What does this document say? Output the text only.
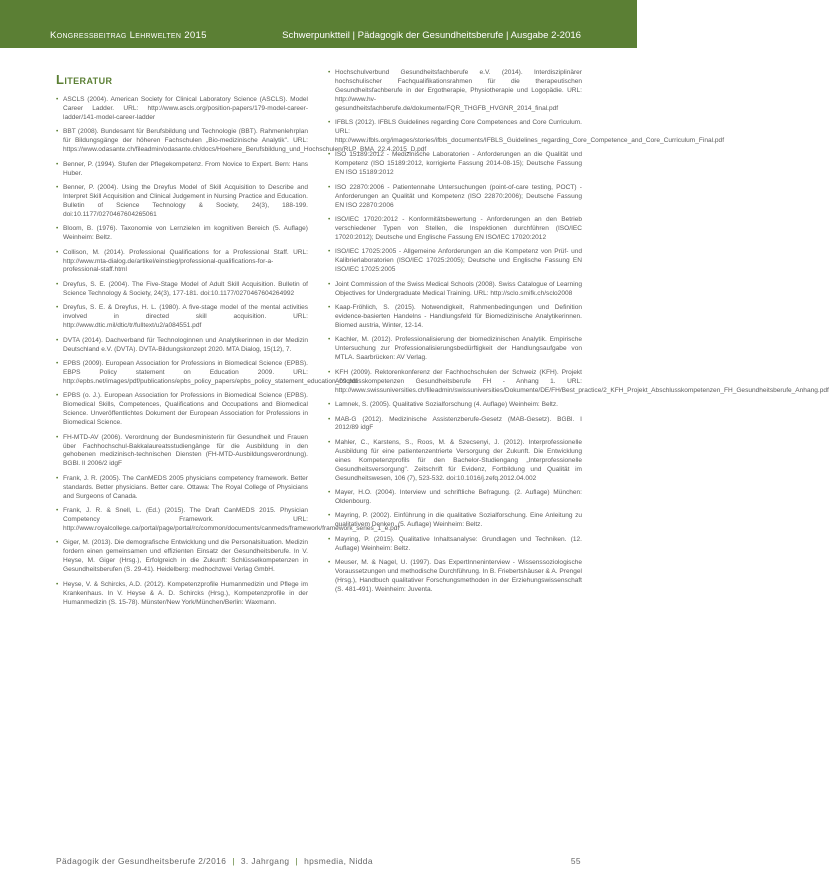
Kongressbeitrag Lehrwelten 2015	Schwerpunktteil | Pädagogik der Gesundheitsberufe | Ausgabe 2-2016
Literatur

• ASCLS (2004). American Society for Clinical Laboratory Science (ASCLS). Model Career Ladder. URL: http://www.ascls.org/position-papers/179-model-career-ladder/141-model-career-ladder

• BBT (2008). Bundesamt für Berufsbildung und Technologie (BBT). Rahmenlehrplan für Bildungsgänge der höheren Fachschulen „Bio-medizinische Analytik". URL: https://www.odasante.ch/fileadmin/odasante.ch/docs/Hoehere_Berufsbildung_und_Hochschulen/RLP_BMA_22.4.2015_D.pdf

• Benner, P. (1994). Stufen der Pflegekompetenz. From Novice to Expert. Bern: Hans Huber.

• Benner, P. (2004). Using the Dreyfus Model of Skill Acquisition to Describe and Interpret Skill Acquisition and Clinical Judgement in Nursing Practice and Education. Bulletin of Science Technology & Society, 24(3), 188-199. doi:10.1177/0270467604265061

• Bloom, B. (1976). Taxonomie von Lernzielen im kognitiven Bereich (5. Auflage) Weinheim: Beltz.

• Collison, M. (2014). Professional Qualifications for a Professional Staff. URL: http://www.mta-dialog.de/artikel/einstieg/professional-qualifications-for-a-professional-staff.html

• Dreyfus, S. E. (2004). The Five-Stage Model of Adult Skill Acquisition. Bulletin of Science Technology & Society, 24(3), 177-181. doi:10.1177/0270467604264992

• Dreyfus, S. E. & Dreyfus, H. L. (1980). A five-stage model of the mental activities involved in directed skill acquisition. URL: http://www.dtic.mil/dtic/tr/fulltext/u2/a084551.pdf

• DVTA (2014). Dachverband für Technologinnen und Analytikerinnen in der Medizin Deutschland e.V. (DVTA). DVTA-Bildungskonzept 2020. MTA Dialog, 15(12), 7.

• EPBS (2009). European Association for Professions in Biomedical Science (EPBS). EBPS Policy statement on Education 2009. URL: http://epbs.net/images/pdf/publications/epbs_policy_papers/epbs_policy_statement_education_09.pdf

• EPBS (o. J.). European Association for Professions in Biomedical Science (EPBS). Biomedical Skills, Competences, Qualifications and Occupations and Biomedical Science. Unveröffentlichtes Dokument der European Association for Professions in Biomedical Science.

• FH-MTD-AV (2006). Verordnung der Bundesministerin für Gesundheit und Frauen über Fachhochschul-Bakkalaureatsstudiengänge für die Ausbildung in den gehobenen medizinisch-technischen Diensten (FH-MTD-Ausbildungsverordnung). BGBl. II 2006/2 idgF

• Frank, J. R. (2005). The CanMEDS 2005 physicians competency framework. Better standards. Better physicians. Better care. Ottawa: The Royal College of Physicians and Surgeons of Canada.

• Frank, J. R. & Snell, L. (Ed.) (2015). The Draft CanMEDS 2015. Physician Competency Framework. URL: http://www.royalcollege.ca/portal/page/portal/rc/common/documents/canmeds/framework/framework_series_1_e.pdf

• Giger, M. (2013). Die demografische Entwicklung und die Personalsituation. Medizin fordern einen gemeinsamen und effizienten Einsatz der Gesundheitsberufe. In V. Heyse, M. Giger (Hrsg.), Erfolgreich in die Zukunft: Schlüsselkompetenzen in Gesundheitsberufen (S. 29-41). Heidelberg: medhochzwei Verlag GmbH.

• Heyse, V. & Schircks, A.D. (2012). Kompetenzprofile Humanmedizin und Pflege im Krankenhaus. In V. Heyse & A. D. Schircks (Hrsg.), Kompetenzprofile in der Humanmedizin (S. 15-78). Münster/New York/München/Berlin: Waxmann.

• Hochschulverbund Gesundheitsfachberufe e.V. (2014). Interdisziplinärer hochschulischer Fachqualifikationsrahmen für die therapeutischen Gesundheitsfachberufe in der Ergotherapie, Physiotherapie und Logopädie. URL: http://www.hv-gesundheitsfachberufe.de/dokumente/FQR_THGFB_HVGNR_2014_final.pdf

• IFBLS (2012). IFBLS Guidelines regarding Core Competences and Core Curriculum. URL: http://www.ifbls.org/images/stories/ifbls_documents/IFBLS_Guidelines_regarding_Core_Competence_and_Core_Curriculum_Final.pdf

• ISO 15189:2012 - Medizinische Laboratorien - Anforderungen an die Qualität und Kompetenz (ISO 15189:2012, korrigierte Fassung 2014-08-15); Deutsche Fassung EN ISO 15189:2012

• ISO 22870:2006 - Patientennahe Untersuchungen (point-of-care testing, POCT) - Anforderungen an Qualität und Kompetenz (ISO 22870:2006); Deutsche Fassung EN ISO 22870:2006

• ISO/IEC 17020:2012 - Konformitätsbewertung - Anforderungen an den Betrieb verschiedener Typen von Stellen, die Inspektionen durchführen (ISO/IEC 17020:2012); Deutsche und Englische Fassung EN ISO/IEC 17020:2012

• ISO/IEC 17025:2005 - Allgemeine Anforderungen an die Kompetenz von Prüf- und Kalibrierlaboratorien (ISO/IEC 17025:2005); Deutsche und Englische Fassung EN ISO/IEC 17025:2005

• Joint Commission of the Swiss Medical Schools (2008). Swiss Catalogue of Learning Objectives for Undergraduate Medical Training. URL: http://sclo.smifk.ch/sclo2008

• Kaap-Fröhlich, S. (2015). Notwendigkeit, Rahmenbedingungen und Definition evidence-basierten Handelns - Handlungsfeld für Biomedizinische Analytikerinnen. Biomed austria, Winter, 12-14.

• Kachler, M. (2012). Professionalisierung der biomedizinischen Analytik. Empirische Untersuchung zur Professionalisierungsbedürftigkeit der Handlungsaufgabe von MTLA. Saarbrücken: AV Verlag.

• KFH (2009). Rektorenkonferenz der Fachhochschulen der Schweiz (KFH). Projekt Abschlusskompetenzen Gesundheitsberufe FH - Anhang 1. URL: http://www.swissuniversities.ch/fileadmin/swissuniversities/Dokumente/DE/FH/Best_practice/2_KFH_Projekt_Abschlusskompetenzen_FH_Gesundheitsberufe_Anhang.pdf

• Lamnek, S. (2005). Qualitative Sozialforschung (4. Auflage) Weinheim: Beltz.

• MAB-G (2012). Medizinische Assistenzberufe-Gesetz (MAB-Gesetz). BGBl. I 2012/89 idgF

• Mahler, C., Karstens, S., Roos, M. & Szecsenyi, J. (2012). Interprofessionelle Ausbildung für eine patientenzentrierte Versorgung der Zukunft. Die Entwicklung eines Kompetenzprofils für den Bachelor-Studiengang „Interprofessionelle Gesundheitsversorgung". Zeitschrift für Evidenz, Fortbildung und Qualität im Gesundheitswesen, 106 (7), 523-532. doi:10.1016/j.zefq.2012.04.002

• Mayer, H.O. (2004). Interview und schriftliche Befragung. (2. Auflage) München: Oldenbourg.

• Mayring, P. (2002). Einführung in die qualitative Sozialforschung. Eine Anleitung zu qualitativem Denken. (5. Auflage) Weinheim: Beltz.

• Mayring, P. (2015). Qualitative Inhaltsanalyse: Grundlagen und Techniken. (12. Auflage) Weinheim: Beltz.

• Meuser, M. & Nagel, U. (1997). Das ExpertInneninterview - Wissenssoziologische Voraussetzungen und methodische Durchführung. In B. Friebertshäuser & A. Prengel (Hrsg.), Handbuch qualitativer Forschungsmethoden in der Erziehungswissenschaft (S. 481-491). Weinheim: Juventa.

Pädagogik der Gesundheitsberufe 2/2016 | 3. Jahrgang | hpsmedia, Nidda	55
